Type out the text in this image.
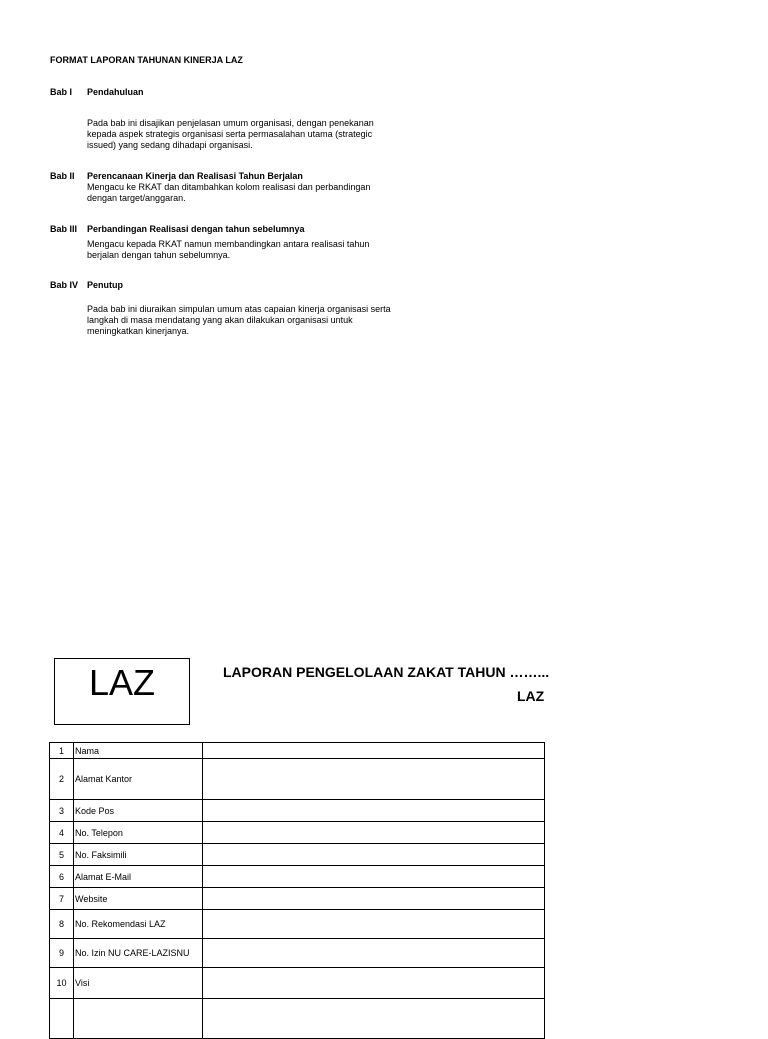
FORMAT LAPORAN TAHUNAN KINERJA LAZ
Bab I Pendahuluan
Pada bab ini disajikan penjelasan umum organisasi, dengan penekanan
kepada aspek strategis organisasi serta permasalahan utama (strategic
issued) yang sedang dihadapi organisasi.
Bab II Perencanaan Kinerja dan Realisasi Tahun Berjalan
Mengacu ke RKAT dan ditambahkan kolom realisasi dan perbandingan
dengan target/anggaran.
Bab III Perbandingan Realisasi dengan tahun sebelumnya
Mengacu kepada RKAT namun membandingkan antara realisasi tahun
berjalan dengan tahun sebelumnya.
Bab IV Penutup
Pada bab ini diuraikan simpulan umum atas capaian kinerja organisasi serta
langkah di masa mendatang yang akan dilakukan organisasi untuk
meningkatkan kinerjanya.
LAZ	LAPORAN PENGELOLAAN ZAKAT TAHUN ……...
LAZ
1	Nama	
2	Alamat Kantor	
3	Kode Pos	
4	No. Telepon	
5	No. Faksimili	
6	Alamat E-Mail	
7	Website	
8	No. Rekomendasi LAZ	
9	No. Izin NU CARE-LAZISNU	
10	Visi	
